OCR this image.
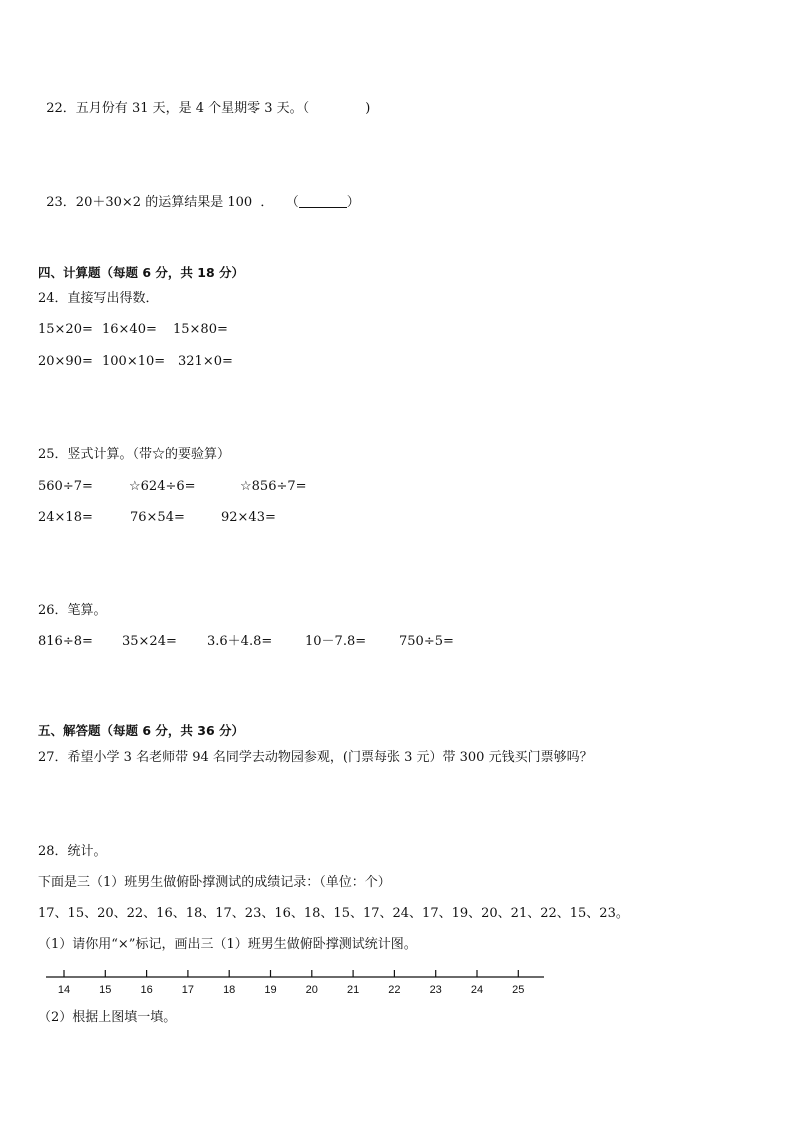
22．五月份有 31 天，是 4 个星期零 3 天。（	)

23．20＋30×2 的运算结果是 100  ．   （	）

四、计算题（每题 6 分，共 18 分）
24．直接写出得数．
15×20= 16×40= 15×80=
20×90= 100×10= 321×0=
25．竖式计算。（带☆的要验算）
560÷7=	☆624÷6=	☆856÷7=
24×18=	76×54=	92×43=
26．笔算。
816÷8= 35×24= 3.6＋4.8=	10－7.8=	750÷5=
五、解答题（每题 6 分，共 36 分）
27．希望小学 3 名老师带 94 名同学去动物园参观，(门票每张 3 元）带 300 元钱买门票够吗？
28．统计。
下面是三（1）班男生做俯卧撑测试的成绩记录：（单位：个）
17、15、20、22、16、18、17、23、16、18、15、17、24、17、19、20、21、22、15、23。
（1）请你用“×”标记，画出三（1）班男生做俯卧撑测试统计图。
14	15	16	17	18	19	20	21	22	23	24	25
（2）根据上图填一填。
